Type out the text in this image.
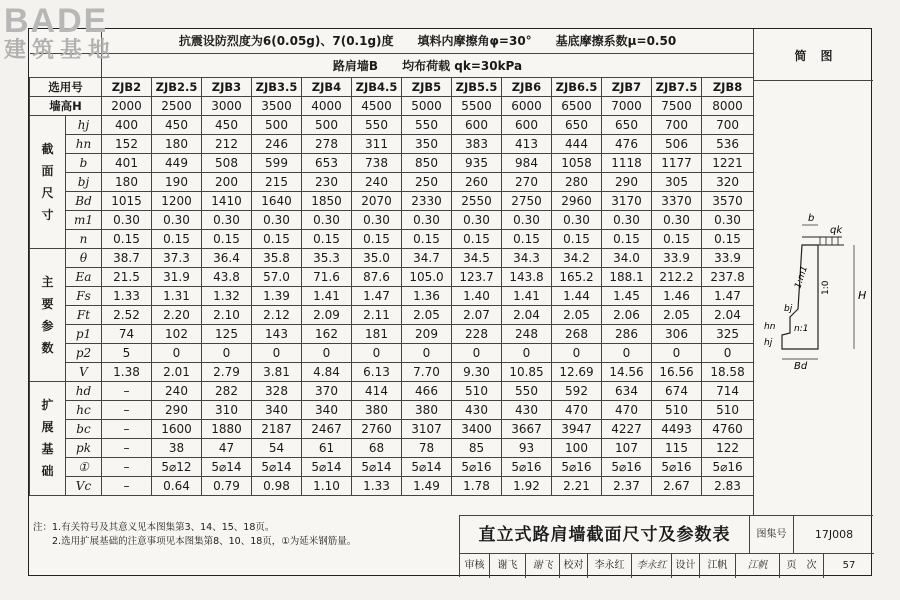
		抗震设防烈度为6(0.05g)、7(0.1g)度　　填料内摩擦角φ=30°　　基底摩擦系数μ=0.50												
		路肩墙B　　均布荷载 qk=30kPa												
选用号		ZJB2	ZJB2.5	ZJB3	ZJB3.5	ZJB4	ZJB4.5	ZJB5	ZJB5.5	ZJB6	ZJB6.5	ZJB7	ZJB7.5	ZJB8
墙高H		2000	2500	3000	3500	4000	4500	5000	5500	6000	6500	7000	7500	8000

截
面
尺
寸	hj	400	450	450	500	500	550	550	600	600	650	650	700	700
	hn	152	180	212	246	278	311	350	383	413	444	476	506	536
	b	401	449	508	599	653	738	850	935	984	1058	1118	1177	1221
	bj	180	190	200	215	230	240	250	260	270	280	290	305	320
	Bd	1015	1200	1410	1640	1850	2070	2330	2550	2750	2960	3170	3370	3570
	m1	0.30	0.30	0.30	0.30	0.30	0.30	0.30	0.30	0.30	0.30	0.30	0.30	0.30
	n	0.15	0.15	0.15	0.15	0.15	0.15	0.15	0.15	0.15	0.15	0.15	0.15	0.15

主
要
参
数	θ	38.7	37.3	36.4	35.8	35.3	35.0	34.7	34.5	34.3	34.2	34.0	33.9	33.9
	Ea	21.5	31.9	43.8	57.0	71.6	87.6	105.0	123.7	143.8	165.2	188.1	212.2	237.8
	Fs	1.33	1.31	1.32	1.39	1.41	1.47	1.36	1.40	1.41	1.44	1.45	1.46	1.47
	Ft	2.52	2.20	2.10	2.12	2.09	2.11	2.05	2.07	2.04	2.05	2.06	2.05	2.04
	p1	74	102	125	143	162	181	209	228	248	268	286	306	325
	p2	5	0	0	0	0	0	0	0	0	0	0	0	0
	V	1.38	2.01	2.79	3.81	4.84	6.13	7.70	9.30	10.85	12.69	14.56	16.56	18.58

扩
展
基
础	hd	–	240	282	328	370	414	466	510	550	592	634	674	714
	hc	–	290	310	340	340	380	380	430	430	470	470	510	510
	bc	–	1600	1880	2187	2467	2760	3107	3400	3667	3947	4227	4493	4760
	pk	–	38	47	54	61	68	78	85	93	100	107	115	122
	①	–	5⌀12	5⌀14	5⌀14	5⌀14	5⌀14	5⌀14	5⌀16	5⌀16	5⌀16	5⌀16	5⌀16	5⌀16
	Vc	–	0.64	0.79	0.98	1.10	1.33	1.49	1.78	1.92	2.21	2.37	2.67	2.83
简图
b
qk
1:m1 1:0
H
bj
n:1
hn
hj
Bd
注：1.有关符号及其意义见本图集第3、14、15、18页。
　　2.选用扩展基础的注意事项见本图集第8、10、18页，①为延米钢筋量。	直立式路肩墙截面尺寸及参数表	图集号	17J008
审核	谢飞	谢飞	校对	李永红	李永红 设计	江帆	江帆	页　次	57
BADE
建筑基地
